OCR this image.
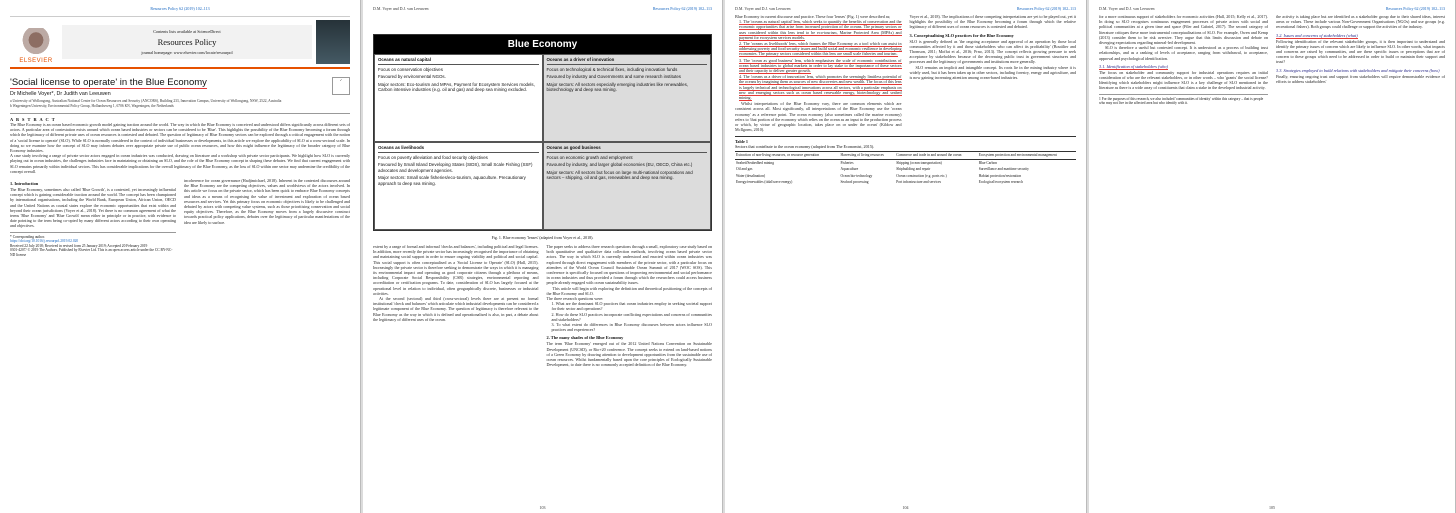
Resources Policy 62 (2019) 102–113
ELSEVIER
Contents lists available at ScienceDirect
Resources Policy
journal homepage: www.elsevier.com/locate/resourpol
'Social license to operate' in the Blue Economy	✓
Dr Michelle Voyer*, Dr Judith van Leeuwen
a University of Wollongong, Australian National Centre for Ocean Resources and Security (ANCORS), Building 233, Innovation Campus, University of Wollongong, NSW, 2522, Australia
b Wageningen University, Environmental Policy Group, Hollandseweg 1, 6706 KN, Wageningen, the Netherlands
A B S T R A C T
The Blue Economy is an ocean based economic growth model gaining traction around the world. The way in which the Blue Economy is conceived and understood differs significantly across different sets of actors. A particular area of contestation exists around which ocean based industries or sectors can be considered to be 'Blue'. This highlights the possibility of the Blue Economy becoming a forum through which the legitimacy of different private uses of ocean resources is contested and debated. The question of legitimacy of Blue Economy sectors can be explored through a critical engagement with the notion of a 'social license to operate' (SLO). While SLO is normally considered in the context of individual businesses or developments, in this article we explore the applicability of SLO at a cross-sectoral scale. In doing so we examine how the concept of SLO may inform debates over appropriate private use of public ocean resources, and how this might influence the legitimacy of the broader category of Blue Economy industries.
A case study involving a range of private sector actors engaged in ocean industries was conducted, drawing on literature and a workshop with private sector participants. We highlight how SLO is currently playing out in ocean industries, the challenges industries face in maintaining or obtaining an SLO, and the role of the Blue Economy concept in shaping these debates. We find that current engagement with SLO remains primarily within individual sectors. This has considerable implications for the overall legitimacy of the Blue Economy, as the loss of SLO within one sector may undermine the credibility of the concept overall.
1. Introduction
The Blue Economy, sometimes also called 'Blue Growth', is a contested, yet increasingly influential concept which is gaining considerable traction around the world. The concept has been championed by international organisations, including the World Bank, European Union, African Union, OECD and the United Nations as coastal states explore the economic opportunities that exist within and beyond their ocean jurisdictions (Voyer et al., 2018). Yet there is no common agreement of what the terms 'Blue Economy' and 'Blue Growth' mean either in principle or in practice, with evidence to date pointing to the term being co-opted by many different actors according to their own operating and objectives.
* Corresponding author.
https://doi.org/10.1016/j.resourpol.2019.02.020
Received 22 July 2018; Received in revised form 25 January 2019; Accepted 20 February 2019
0301-4207/ © 2019 The Authors. Published by Elsevier Ltd. This is an open access article under the CC BY-NC-ND license
incoherence for ocean governance (Hadjimichael, 2018). Inherent in the contested discourses around the Blue Economy are the competing objectives, values and worldviews of the actors involved. In this article we focus on the private sector, which has been quick to embrace Blue Economy concepts and ideas as a means of recognising the value of investment and exploration of ocean based resources and services. Yet this primary focus on economic objectives is likely to be challenged and debated by actors with competing value systems, such as those prioritising conservation and social equity objectives. Therefore, as the Blue Economy moves from a largely discursive construct towards practical policy applications, debates over the legitimacy of particular manifestations of the idea are likely to surface.
D.M. Voyer and D.J. van Leeuwen	Resources Policy 62 (2019) 102–113
Blue Economy
Oceans as natural capital

Focus on conservation objectives

Favoured by environmental NGOs.

Major sectors: Eco-tourism and MPAs, Payment for Ecosystem Services models, Carbon intensive industries (e.g. oil and gas) and deep sea mining excluded.

Oceans as a driver of innovation

Focus on technological & technical fixes, including innovation funds

Favoured by industry and Governments and some research institutes

Major sectors: All sectors especially emerging industries like renewables, biotechnology and deep sea mining.

Oceans as livelihoods

Focus on poverty alleviation and food security objectives

Favoured by Small Island Developing States (SIDS), Small Scale Fishing (SSF) advocates and development agencies.

Major sectors: Small scale fisheries/eco-tourism, aquaculture. Precautionary approach to deep sea mining.

Oceans as good business

Focus on economic growth and employment

Favoured by industry, and larger global economies (EU, OECD, China etc.)

Major sectors: All sectors but focus on large multi-national corporations and sectors – shipping, oil and gas, renewables and deep sea mining.

Fig. 1. Blue economy 'lenses' (adapted from Voyer et al., 2018).
extent by a range of formal and informal 'checks and balances', including political and legal licenses. In addition, more recently the private sector has increasingly recognised the importance of obtaining and maintaining social support in order to ensure ongoing viability and political and social capital. This social support is often conceptualised as a 'Social License to Operate' (SLO) (Hall, 2015). Increasingly the private sector is therefore seeking to demonstrate the ways in which it is managing its environmental impact and operating as good corporate citizens through a plethora of means, including Corporate Social Responsibility (CSR) strategies, environmental reporting and accreditation or certification programs. To date, consideration of SLO has largely focused at the operational level in relation to individual, often geographically discrete, businesses or industrial activities.
At the second (sectoral) and third (cross-sectoral) levels there are at present no formal institutional 'check and balances' which articulate which industrial developments can be considered a legitimate component of the Blue Economy. The question of legitimacy is therefore relevant to the Blue Economy as the way in which it is defined and operationalised is also, in part, a debate about the legitimacy of different uses of the ocean.
The paper seeks to address three research questions through a small, exploratory case study based on both quantitative and qualitative data collection methods, involving ocean based private sector actors. The way in which SLO is currently understood and enacted within ocean industries was explored through direct engagement with members of the private sector, with a particular focus on attendees of the World Ocean Council Sustainable Ocean Summit of 2017 (WOC SOS). This conference is specifically focused on questions of improving environmental and social performance in ocean industries and thus provided a forum through which the researchers could access business people already engaged with ocean sustainability issues.
This article will begin with exploring the definition and theoretical positioning of the concepts of the Blue Economy and SLO.
The three research questions were:
1. What are the dominant SLO practices that ocean industries employ in seeking societal support for their sector and operations?
2. How do these SLO practices incorporate conflicting expectations and concerns of communities and stakeholders?
3. To what extent do differences in Blue Economy discourses between actors influence SLO practices and experiences?
2. The many shades of the Blue Economy
The term 'Blue Economy' emerged out of the 2012 United Nations Convention on Sustainable Development (UNCSD), or Rio+20 conference. The concept seeks to extend on land-based notions of a Green Economy by drawing attention to development opportunities from the sustainable use of ocean resources. Whilst fundamentally based upon the core principles of Ecologically Sustainable Development, to date there is no commonly accepted definition of the Blue Economy.
103
D.M. Voyer and D.J. van Leeuwen	Resources Policy 62 (2019) 102–113
Blue Economy in current discourse and practice. These four 'lenses' (Fig. 1) were described as;
1. The 'oceans as natural capital' lens, which seeks to quantify the benefits of conservation and the economic opportunities that arise from increased protection of the oceans. The primary sectors or uses considered within this lens tend to be eco-tourism, Marine Protected Area (MPAs) and payment for ecosystem services models.
2. The 'oceans as livelihoods' lens, which frames the Blue Economy as a tool which can assist in addressing poverty and food security issues and build social and economic resilience in developing economies. The primary sectors considered within this lens are small scale fisheries and tourism.
3. The 'ocean as good business' lens, which emphasises the scale of economic contributions of ocean based industries to global markets in order to lay stake to the importance of these sectors and their capacity to deliver greater growth.
4. The 'oceans as a driver of innovation' lens, which promotes the seemingly limitless potential of the oceans by imagining them as sources of new discoveries and new wealth. The focus of this lens is largely technical and technological innovations across all sectors, with a particular emphasis on new and emerging sectors such as ocean based renewable energy, biotechnology and seabed mining.
Whilst interpretations of the Blue Economy vary, there are common elements which are consistent across all. Most significantly, all interpretations of the Blue Economy use the 'ocean economy' as a reference point. The ocean economy (also sometimes called the marine economy) refers to 'that portion of the economy which relies on the ocean as an input to the production process or which, by virtue of geographic location, takes place on or under the ocean' (Kildow and McIlgorm, 2010).
Voyer et al., 2018). The implications of these competing interpretations are yet to be played out, yet it highlights the possibility of the Blue Economy becoming a forum through which the relative legitimacy of different uses of ocean resources is contested and debated.
3. Conceptualising SLO practices for the Blue Economy
SLO is generally defined as 'the ongoing acceptance and approval of an operation by those local communities affected by it and those stakeholders who can affect its profitability' (Boutilier and Thomson, 2011; Moffat et al., 2016; Prno, 2013). The concept reflects growing pressure to seek acceptance by stakeholders because of the decreasing public trust in government structures and processes and the legitimacy of governments and institutions more generally.
SLO remains an implicit and intangible concept. Its roots lie in the mining industry where it is widely used, but it has been taken up in other sectors, including forestry, energy and agriculture, and is now gaining increasing attention among ocean-based industries.
Table 1
Sectors that contribute to the ocean economy (adapted from The Economist, 2015).
Extraction of non-living resources, or resource generation	Harvesting of living resources	Commerce and trade in and around the ocean	Ecosystem protection and environmental management
Seabed/Seabedbed mining	Fisheries	Shipping (ocean transportation)	Blue Carbon
Oil and gas	Aquaculture	Shipbuilding and repair	Surveillance and maritime security
Water (desalination)	Ocean bio-technology	Ocean construction (e.g. ports etc.)	Habitat protection/restoration
Energy/renewables (tidal/wave energy)	Seafood processing	Port infrastructure and services	Ecological/ecosystem research
104
D.M. Voyer and D.J. van Leeuwen	Resources Policy 62 (2019) 102–113
for a more continuous support of stakeholders for economic activities (Hall, 2015; Kelly et al., 2017). In doing so SLO recognises continuous engagement processes of private actors with social and political communities at a given time and space (Filer and Gabriel, 2017). The second category of literature critiques these more instrumental conceptualisations of SLO. For example, Owen and Kemp (2013) consider them to be risk aversive. They argue that this limits discussion and debate on diverging expectations regarding mineral-led development.
SLO is therefore a useful but contested concept. It is understood as a process of building trust relationships, and as a ranking of levels of acceptance, ranging from withdrawal, to acceptance, approval and psychological identification.
3.1. Identification of stakeholders (who)
The focus on stakeholder and community support for industrial operations requires an initial consideration of who are the relevant stakeholders, or in other words – who 'grants' the social license? Identifying which stakeholders might influence SLO is a key challenge of SLO mentioned in the literature as there is a wide array of constituents that claim a stake in the developed industrial activity.
1 For the purposes of this research, we also included 'communities of identity' within this category – that is people who may not live in the affected area but who identify with it.
the activity is taking place but are identified as a stakeholder group due to their shared ideas, interest areas or values. These include various Non-Government Organisations (NGOs) and use groups (e.g. recreational fishers). Both groups could challenge or support the activities of the industry.
3.2. Issues and concerns of stakeholders (what)
Following identification of the relevant stakeholder groups, it is then important to understand and identify the primary issues of concern which are likely to influence SLO. In other words, what impacts and concerns are raised by communities, and are these specific issues or perceptions that are of concern to these groups which need to be addressed in order to build or maintain their support and trust?
3.3. Strategies employed to build relations with stakeholders and mitigate their concerns (how)
Finally, ensuring ongoing trust and support from stakeholders will require demonstrable evidence of efforts to address stakeholders'
105
